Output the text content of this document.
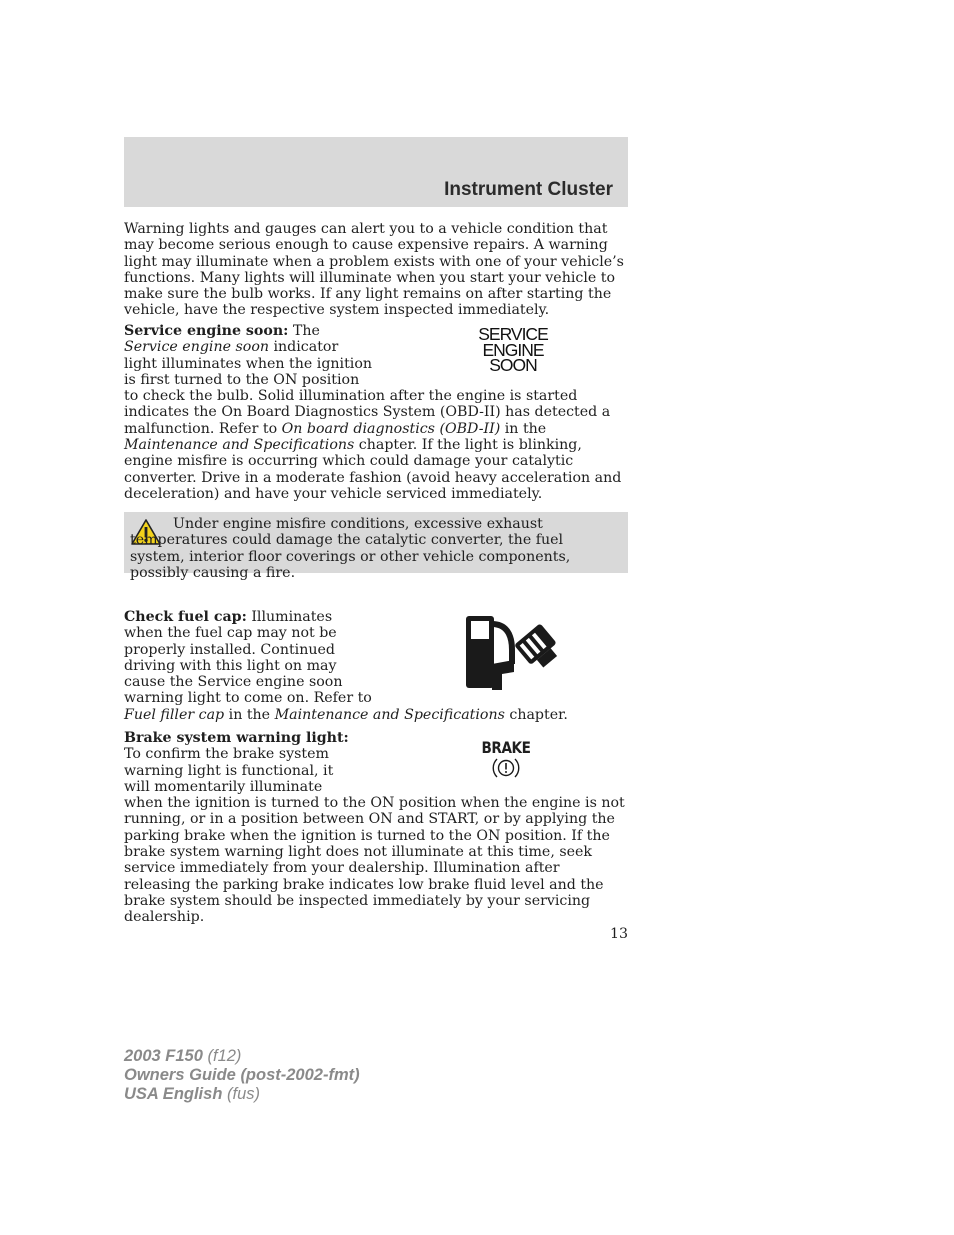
Instrument Cluster

Warning lights and gauges can alert you to a vehicle condition that may become serious enough to cause expensive repairs. A warning light may illuminate when a problem exists with one of your vehicle’s functions. Many lights will illuminate when you start your vehicle to make sure the bulb works. If any light remains on after starting the vehicle, have the respective system inspected immediately.

Service engine soon: The Service engine soon indicator light illuminates when the ignition is first turned to the ON position to check the bulb. Solid illumination after the engine is started indicates the On Board Diagnostics System (OBD-II) has detected a malfunction. Refer to On board diagnostics (OBD-II) in the Maintenance and Specifications chapter. If the light is blinking, engine misfire is occurring which could damage your catalytic converter. Drive in a moderate fashion (avoid heavy acceleration and deceleration) and have your vehicle serviced immediately.
SERVICE
ENGINE
SOON

Under engine misfire conditions, excessive exhaust temperatures could damage the catalytic converter, the fuel system, interior floor coverings or other vehicle components, possibly causing a fire.

Check fuel cap: Illuminates when the fuel cap may not be properly installed. Continued driving with this light on may cause the Service engine soon warning light to come on. Refer to Fuel filler cap in the Maintenance and Specifications chapter.
Brake system warning light: To confirm the brake system warning light is functional, it will momentarily illuminate when the ignition is turned to the ON position when the engine is not running, or in a position between ON and START, or by applying the parking brake when the ignition is turned to the ON position. If the brake system warning light does not illuminate at this time, seek service immediately from your dealership. Illumination after releasing the parking brake indicates low brake fluid level and the brake system should be inspected immediately by your servicing dealership.
BRAKE
13
2003 F150 (f12)
Owners Guide (post-2002-fmt)
USA English (fus)
